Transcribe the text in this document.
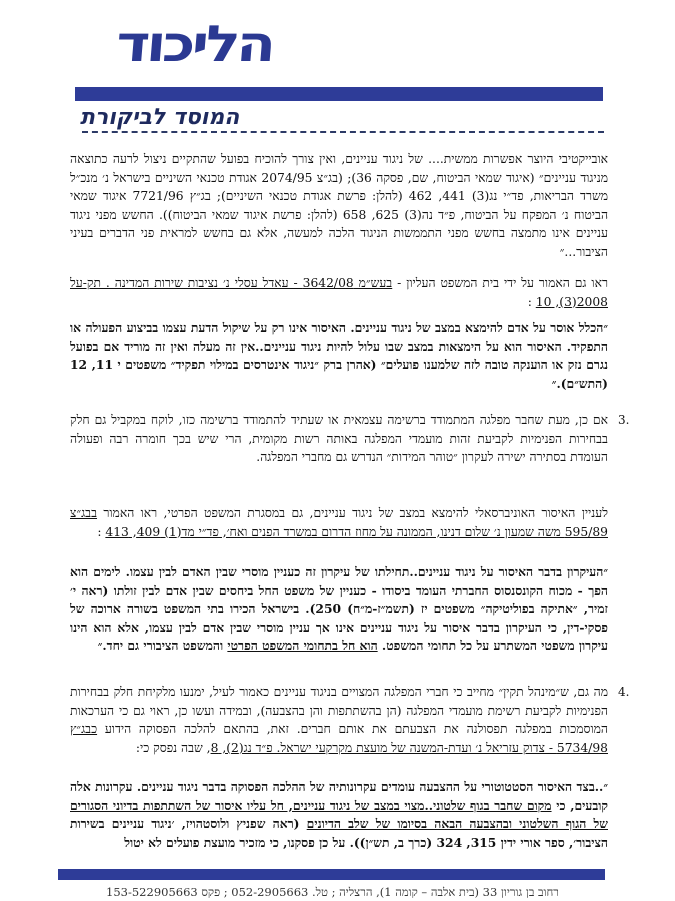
הליכוד
המוסד לביקורת
אובייקטיבי היוצר אפשרות ממשית.... של ניגוד עניינים, ואין צורך להוכיח בפועל שהתקיים ניצול לרעה כתוצאה מניגוד עניינים״ (איגוד שמאי הביטוח, שם, פסקה 36); (בג״צ 2074/95 אגודת טכנאי השיניים בישראל נ׳ מנכ״ל משרד הבריאות, פד״י נג(3) 441, 462 (להלן: פרשת אגודת טכנאי השיניים); בג״ץ 7721/96 איגוד שמאי הביטוח נ׳ המפקח על הביטוח, פ״ד נה(3) 625, 658 (להלן: פרשת איגוד שמאי הביטוח)). החשש מפני ניגוד עניינים אינו מתמצה בחשש מפני התממשות הניגוד הלכה למעשה, אלא גם בחשש למראית פני הדברים בעיני הציבור...״
ראו גם האמור על ידי בית המשפט העליון - בעש״מ 3642/08 - עאדל עסלי נ׳ נציבות שירות המדינה . תק-על 2008(3), 10 :
״הכלל אוסר על אדם להימצא במצב של ניגוד עניינים. האיסור אינו רק על שיקול הדעת עצמו בביצוע הפעולה או התפקיד. האיסור הוא על הימצאות במצב שבו עלול להיות ניגוד עניינים..אין זה מעלה ואין זה מוריד אם בפועל נגרם נזק או הוענקה טובה לזה שלמענו פועלים״ (אהרן ברק ״ניגוד אינטרסים במילוי תפקיד״ משפטים י 11, 12 (התש״ם).״
3.
אם כן, מעת שחבר מפלגה המתמודד ברשימה עצמאית או שעתיד להתמודד ברשימה כזו, לוקח במקביל גם חלק בבחירות הפנימיות לקביעת זהות מועמדי המפלגה באותה רשות מקומית, הרי שיש בכך חומרה רבה ופעולה העומדת בסתירה ישירה לעקרון ״טוהר המידות״ הנדרש גם מחברי המפלגה.
לעניין האיסור האוניברסאלי להימצא במצב של ניגוד עניינים, גם במסגרת המשפט הפרטי, ראו האמור בבג״צ 595/89 משה שמעון נ׳ שלום דנינו, הממונה על מחוז הדרום במשרד הפנים ואח׳, פד״י מד(1) 409, 413 :
״העיקרון בדבר האיסור על ניגוד עניינים..תחילתו של עיקרון זה כעניין מוסרי שבין האדם לבין עצמו. לימים הוא הפך - מכוח הקונסנסוס החברתי העומד ביסודו - כעניין של משפט החל ביחסים שבין אדם לבין זולתו (ראה י׳ זמיר, ״אתיקה בפוליטיקה״ משפטים יז (תשמ״ז-מ״ח) 250). בישראל הכירו בתי המשפט בשורה ארוכה של פסקי-דין, כי העיקרון בדבר איסור על ניגוד עניינים אינו אך עניין מוסרי שבין אדם לבין עצמו, אלא הוא הינו עיקרון משפטי המשתרע על כל תחומי המשפט. הוא חל בתחומי המשפט הפרטי והמשפט הציבורי גם יחד.״
4.
מה גם, ש״מינהל תקין״ מחייב כי חברי המפלגה המצויים בניגוד עניינים כאמור לעיל, ימנעו מלקיחת חלק בבחירות הפנימיות לקביעת רשימת מועמדי המפלגה (הן בהשתתפות והן בהצבעה), ובמידה ועשו כן, ראוי גם כי הערכאות המוסמכות במפלגה תפסולנה את הצבעתם את אותם חברים. זאת, בהתאם להלכה הפסוקה הידוע כבג״ץ 5734/98 - צדוק עזריאל נ׳ ועדת-המשנה של מועצת מקרקעי ישראל. פ״ד נג(2), 8, שבה נפסק כי:
״..בצד האיסור הסטטוטורי על ההצבעה עומדים עקרונותיה של ההלכה הפסוקה בדבר ניגוד עניינים. עקרונות אלה קובעים, כי מקום שחבר בגוף שלטוני..מצוי במצב של ניגוד עניינים, חל עליו איסור של השתתפות בדיוני הסגורים של הגוף השלטוני ובהצבעה הבאה בסיומו של שלב הדיונים (ראה שפניץ ולוסטהויז, ׳ניגוד עניינים בשירות הציבור׳, ספר אורי ידין 315, 324 (כרך ב, תש״ן)). על כן פסקנו, כי מזכיר מועצת פועלים לא יטול
רחוב בן גוריון 33 (בית אלבה – קומה 1), הרצליה ; טל. 052-2905663 ; פקס 153-522905663
